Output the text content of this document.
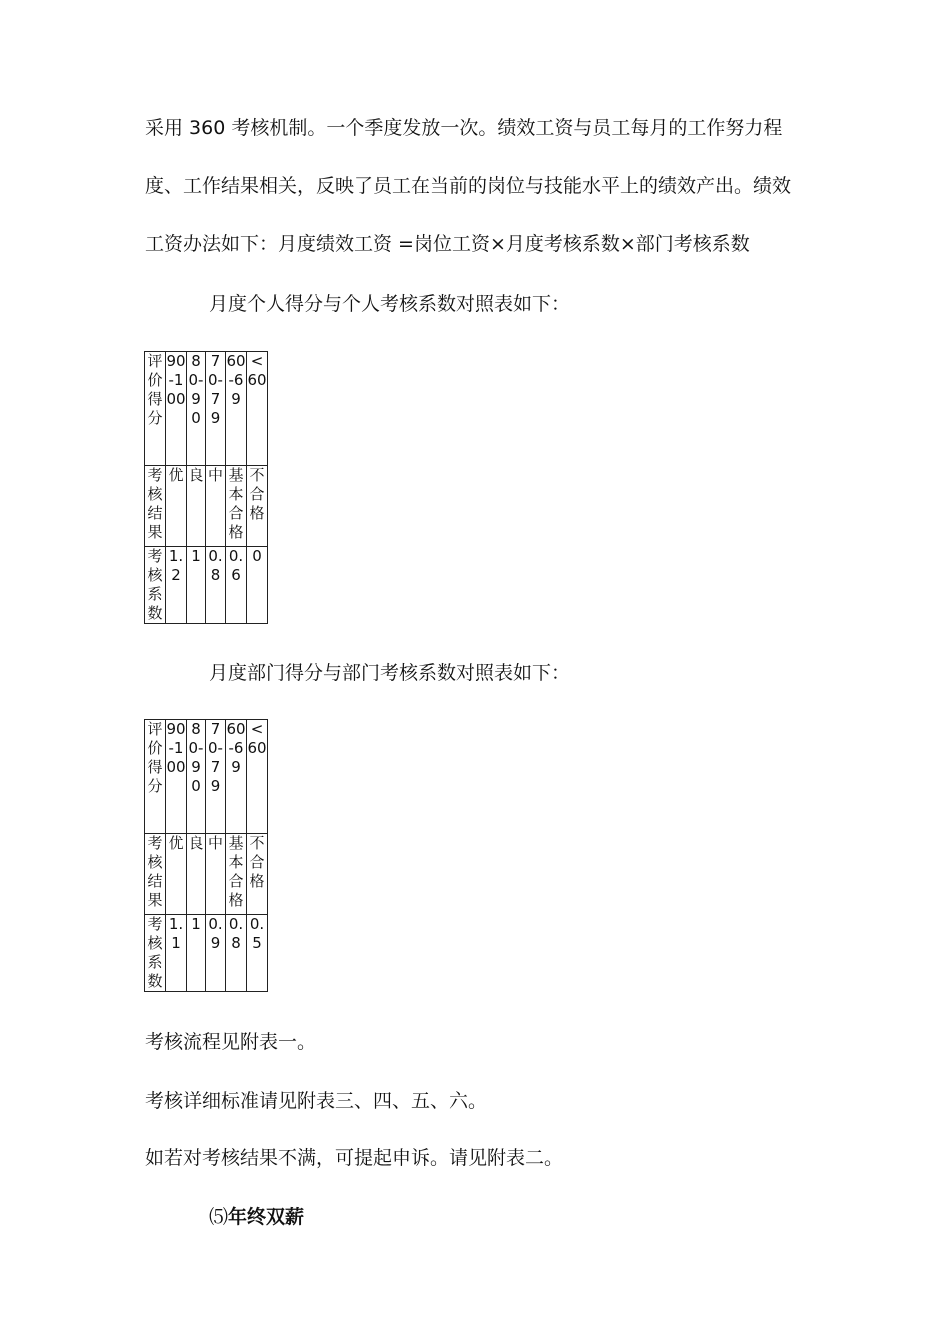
采用 360 考核机制。一个季度发放一次。绩效工资与员工每月的工作努力程
度、工作结果相关，反映了员工在当前的岗位与技能水平上的绩效产出。绩效
工资办法如下：月度绩效工资 =岗位工资×月度考核系数×部门考核系数
月度个人得分与个人考核系数对照表如下：
评价得分	90-100	80-90	70-79	60-69	<60
考核结果	优	良	中	基本合格	不合格
考核系数	1.2	1	0.8	0.6	0
月度部门得分与部门考核系数对照表如下：
评价得分	90-100	80-90	70-79	60-69	<60
考核结果	优	良	中	基本合格	不合格
考核系数	1.1	1	0.9	0.8	0.5
考核流程见附表一。
考核详细标准请见附表三、四、五、六。
如若对考核结果不满，可提起申诉。请见附表二。
⑸年终双薪
